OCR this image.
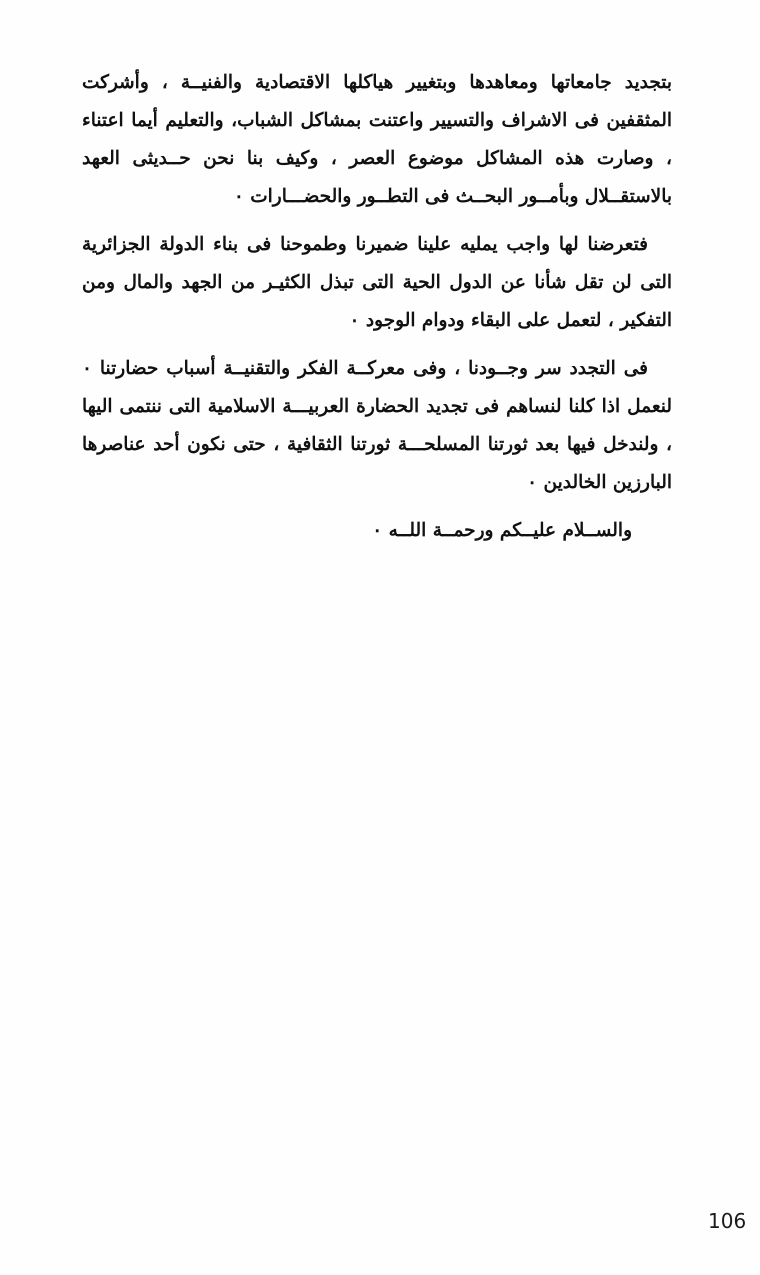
بتجديد جامعاتها ومعاهدها وبتغيير هياكلها الاقتصادية والفنيــة ، وأشركت المثقفين فى الاشراف والتسيير واعتنت بمشاكل الشباب، والتعليم أيما اعتناء ، وصارت هذه المشاكل موضوع العصر ، وكيف بنا نحن حــديثى العهد بالاستقــلال وبأمــور البحــث فى التطــور والحضـــارات ٠

فتعرضنا لها واجب يمليه علينا ضميرنا وطموحنا فى بناء الدولة الجزائرية التى لن تقل شأنا عن الدول الحية التى تبذل الكثيـر من الجهد والمال ومن التفكير ، لتعمل على البقاء ودوام الوجود ٠

فى التجدد سر وجــودنا ، وفى معركــة الفكر والتقنيــة أسباب حضارتنا ٠ لنعمل اذا كلنا لنساهم فى تجديد الحضارة العربيـــة الاسلامية التى ننتمى اليها ، ولندخل فيها بعد ثورتنا المسلحـــة ثورتنا الثقافية ، حتى نكون أحد عناصرها البارزين الخالدين ٠

والســلام عليــكم ورحمــة اللــه ٠

106
